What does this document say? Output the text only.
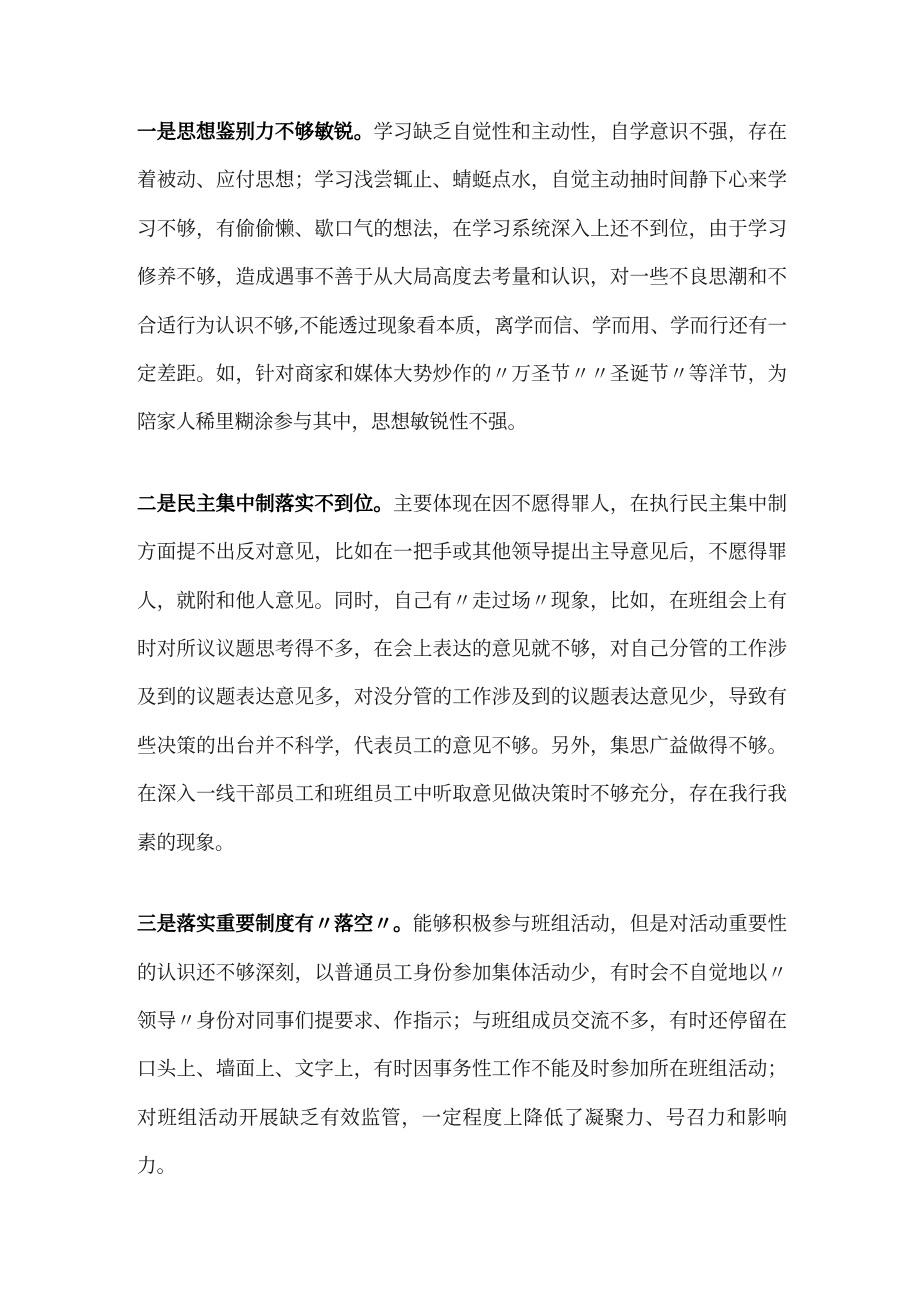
一是思想鉴别力不够敏锐。学习缺乏自觉性和主动性，自学意识不强，存在着被动、应付思想；学习浅尝辄止、蜻蜓点水，自觉主动抽时间静下心来学习不够，有偷偷懒、歇口气的想法，在学习系统深入上还不到位，由于学习修养不够，造成遇事不善于从大局高度去考量和认识，对一些不良思潮和不合适行为认识不够,不能透过现象看本质，离学而信、学而用、学而行还有一定差距。如，针对商家和媒体大势炒作的〃万圣节〃〃圣诞节〃等洋节，为陪家人稀里糊涂参与其中，思想敏锐性不强。

二是民主集中制落实不到位。主要体现在因不愿得罪人，在执行民主集中制方面提不出反对意见，比如在一把手或其他领导提出主导意见后，不愿得罪人，就附和他人意见。同时，自己有〃走过场〃现象，比如，在班组会上有时对所议议题思考得不多，在会上表达的意见就不够，对自己分管的工作涉及到的议题表达意见多，对没分管的工作涉及到的议题表达意见少，导致有些决策的出台并不科学，代表员工的意见不够。另外，集思广益做得不够。在深入一线干部员工和班组员工中听取意见做决策时不够充分，存在我行我素的现象。

三是落实重要制度有〃落空〃。能够积极参与班组活动，但是对活动重要性的认识还不够深刻，以普通员工身份参加集体活动少，有时会不自觉地以〃领导〃身份对同事们提要求、作指示；与班组成员交流不多，有时还停留在口头上、墙面上、文字上，有时因事务性工作不能及时参加所在班组活动；对班组活动开展缺乏有效监管，一定程度上降低了凝聚力、号召力和影响力。
